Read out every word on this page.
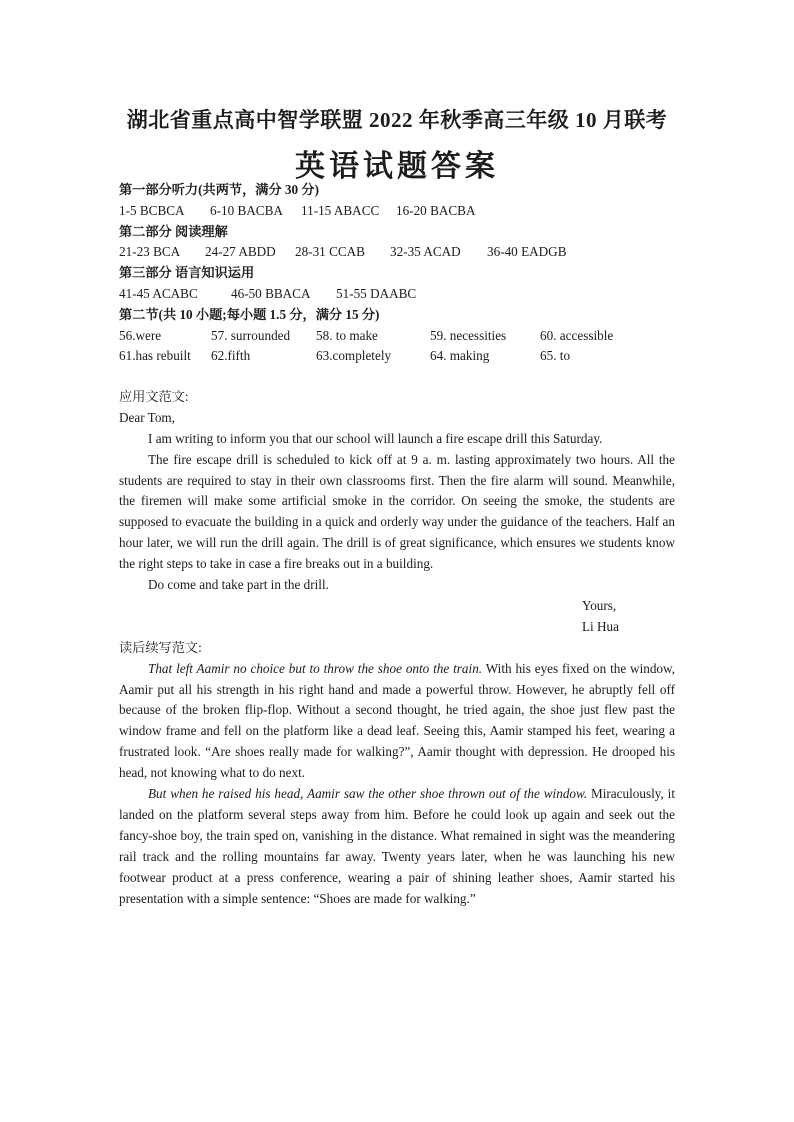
湖北省重点高中智学联盟 2022 年秋季高三年级 10 月联考
英语试题答案
第一部分听力(共两节，满分 30 分)
1-5 BCBCA 6-10 BACBA 11-15 ABACC 16-20 BACBA
第二部分 阅读理解
21-23 BCA 24-27 ABDD 28-31 CCAB 32-35 ACAD 36-40 EADGB
第三部分 语言知识运用
41-45 ACABC	46-50 BBACA 51-55 DAABC
第二节(共 10 小题;每小题 1.5 分，满分 15 分)
56.were	57. surrounded 58. to make	59. necessities	60. accessible
61.has rebuilt 62.fifth	63.completely	64. making	65. to
应用文范文:
Dear Tom,

I am writing to inform you that our school will launch a fire escape drill this Saturday.

The fire escape drill is scheduled to kick off at 9 a. m. lasting approximately two hours. All the students are required to stay in their own classrooms first. Then the fire alarm will sound. Meanwhile, the firemen will make some artificial smoke in the corridor. On seeing the smoke, the students are supposed to evacuate the building in a quick and orderly way under the guidance of the teachers. Half an hour later, we will run the drill again. The drill is of great significance, which ensures we students know the right steps to take in case a fire breaks out in a building.

Do come and take part in the drill.

Yours,
Li Hua
读后续写范文:

That left Aamir no choice but to throw the shoe onto the train. With his eyes fixed on the window, Aamir put all his strength in his right hand and made a powerful throw. However, he abruptly fell off because of the broken flip-flop. Without a second thought, he tried again, the shoe just flew past the window frame and fell on the platform like a dead leaf. Seeing this, Aamir stamped his feet, wearing a frustrated look. “Are shoes really made for walking?”, Aamir thought with depression. He drooped his head, not knowing what to do next.

But when he raised his head, Aamir saw the other shoe thrown out of the window. Miraculously, it landed on the platform several steps away from him. Before he could look up again and seek out the fancy-shoe boy, the train sped on, vanishing in the distance. What remained in sight was the meandering rail track and the rolling mountains far away. Twenty years later, when he was launching his new footwear product at a press conference, wearing a pair of shining leather shoes, Aamir started his presentation with a simple sentence: “Shoes are made for walking.”
